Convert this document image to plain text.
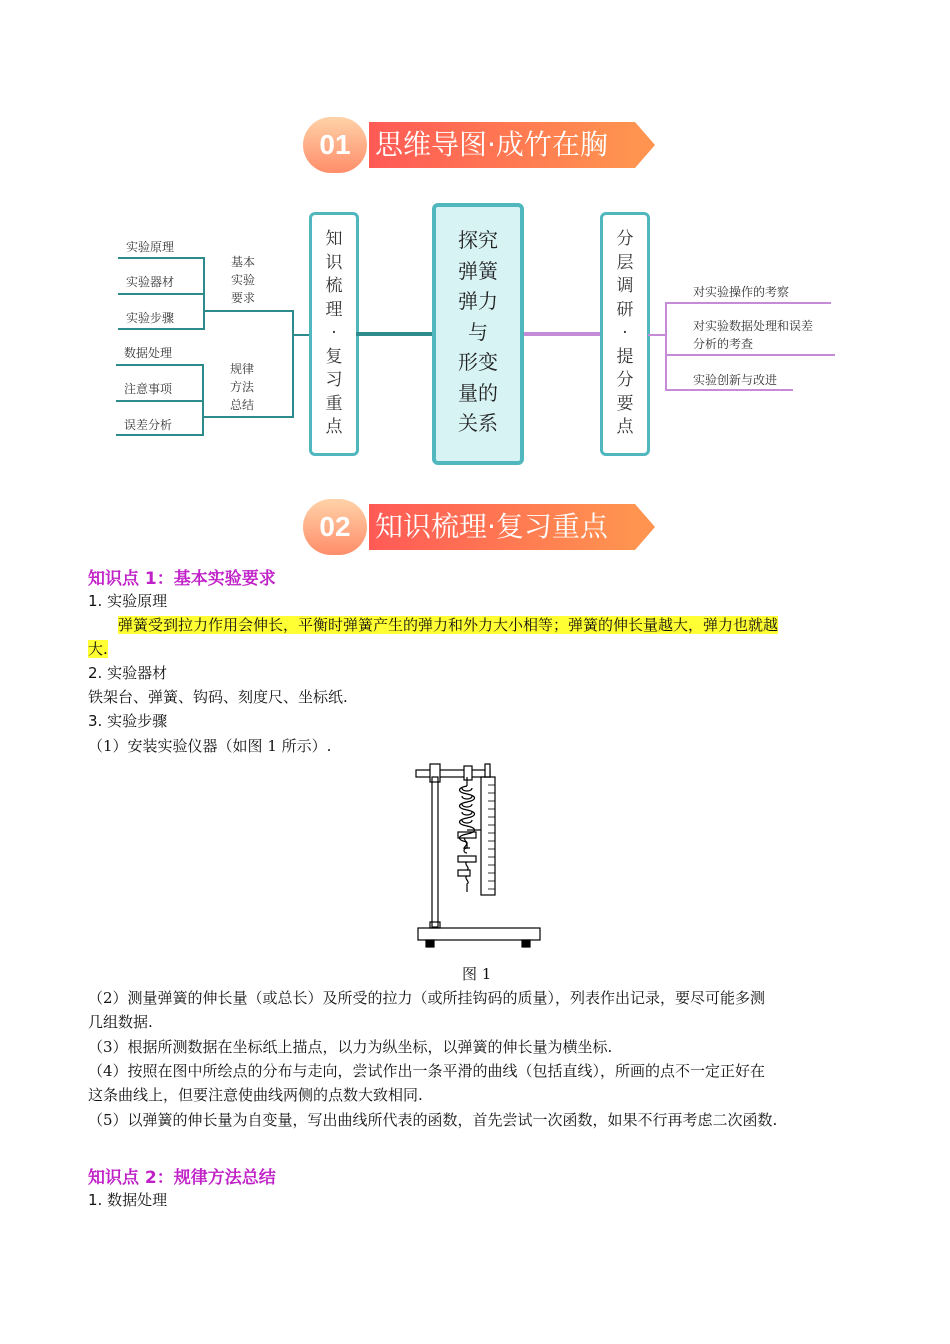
01 思维导图·成竹在胸
实验原理
实验器材
实验步骤
基本
实验
要求
数据处理
注意事项
误差分析
规律
方法
总结
知
识
梳
理
·
复
习
重
点
探究
弹簧
弹力
与
形变
量的
关系
分
层
调
研
·
提
分
要
点
对实验操作的考察
对实验数据处理和误差
分析的考查
实验创新与改进
02 知识梳理·复习重点
知识点 1：基本实验要求
1. 实验原理
弹簧受到拉力作用会伸长，平衡时弹簧产生的弹力和外力大小相等；弹簧的伸长量越大，弹力也就越
大.
2. 实验器材
铁架台、弹簧、钩码、刻度尺、坐标纸.
3. 实验步骤
（1）安装实验仪器（如图 1 所示）.
图 1
（2）测量弹簧的伸长量（或总长）及所受的拉力（或所挂钩码的质量），列表作出记录，要尽可能多测
几组数据.
（3）根据所测数据在坐标纸上描点，以力为纵坐标，以弹簧的伸长量为横坐标.
（4）按照在图中所绘点的分布与走向，尝试作出一条平滑的曲线（包括直线），所画的点不一定正好在
这条曲线上，但要注意使曲线两侧的点数大致相同.
（5）以弹簧的伸长量为自变量，写出曲线所代表的函数，首先尝试一次函数，如果不行再考虑二次函数.
知识点 2：规律方法总结
1. 数据处理
